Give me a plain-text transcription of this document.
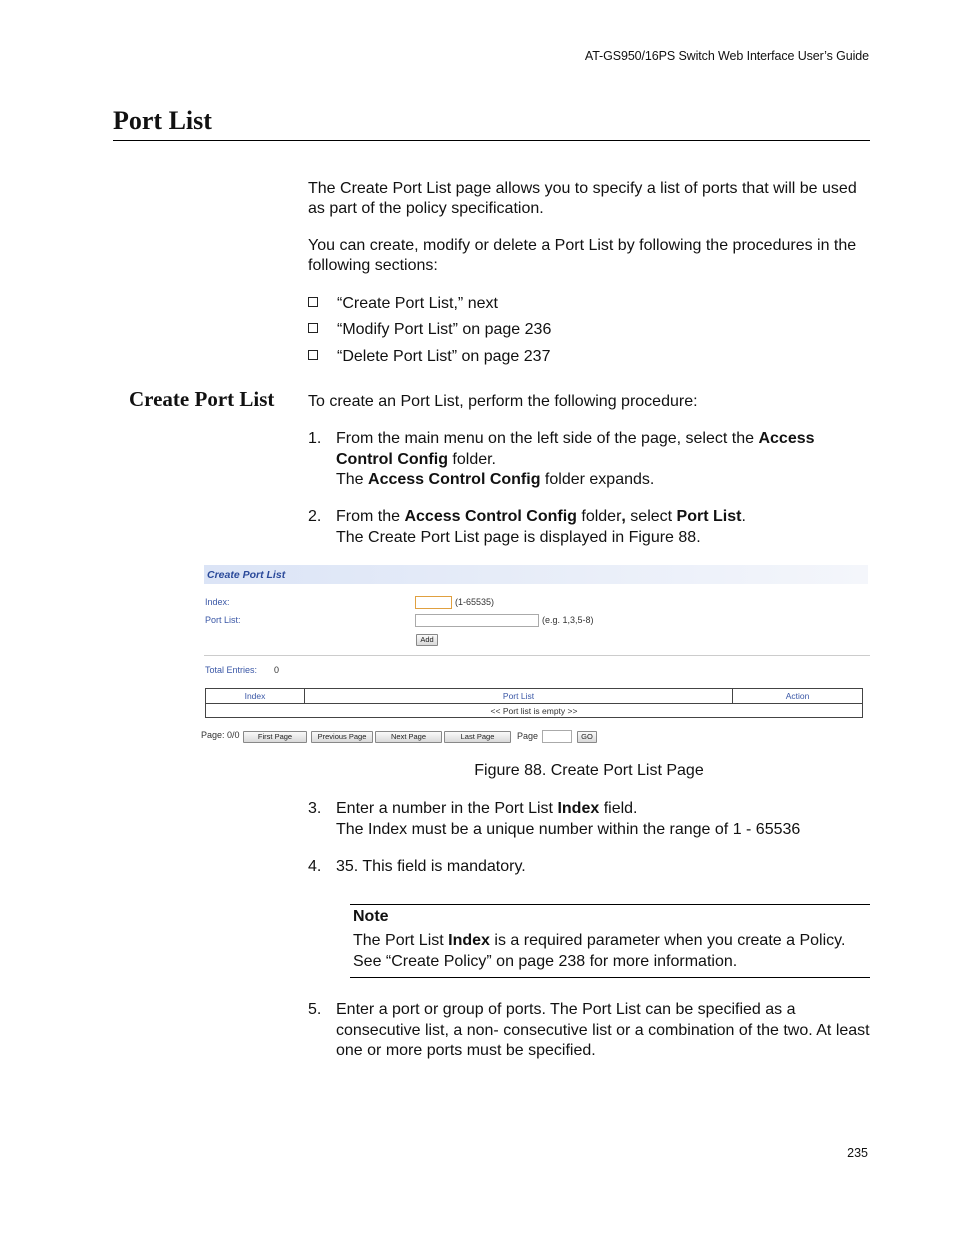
AT-GS950/16PS Switch Web Interface User’s Guide
Port List
The Create Port List page allows you to specify a list of ports that will be used as part of the policy specification.
You can create, modify or delete a Port List by following the procedures in the following sections:
“Create Port List,” next
“Modify Port List” on page 236
“Delete Port List” on page 237
Create Port List To create an Port List, perform the following procedure:
1. From the main menu on the left side of the page, select the Access Control Config folder.
The Access Control Config folder expands.
2. From the Access Control Config folder, select Port List.
The Create Port List page is displayed in Figure 88.
Create Port List
Index:	(1-65535)
Port List:	(e.g. 1,3,5-8)
Add
Total Entries: 0
Index	Port List	Action
<< Port list is empty >>
Page: 0/0	First Page	Previous Page	Next Page	Last Page	Page	GO
Figure 88. Create Port List Page
3. Enter a number in the Port List Index field.
The Index must be a unique number within the range of 1 - 65536
4. 35. This field is mandatory.
Note
The Port List Index is a required parameter when you create a Policy. See “Create Policy” on page 238 for more information.
5. Enter a port or group of ports. The Port List can be specified as a consecutive list, a non- consecutive list or a combination of the two. At least one or more ports must be specified.
235
